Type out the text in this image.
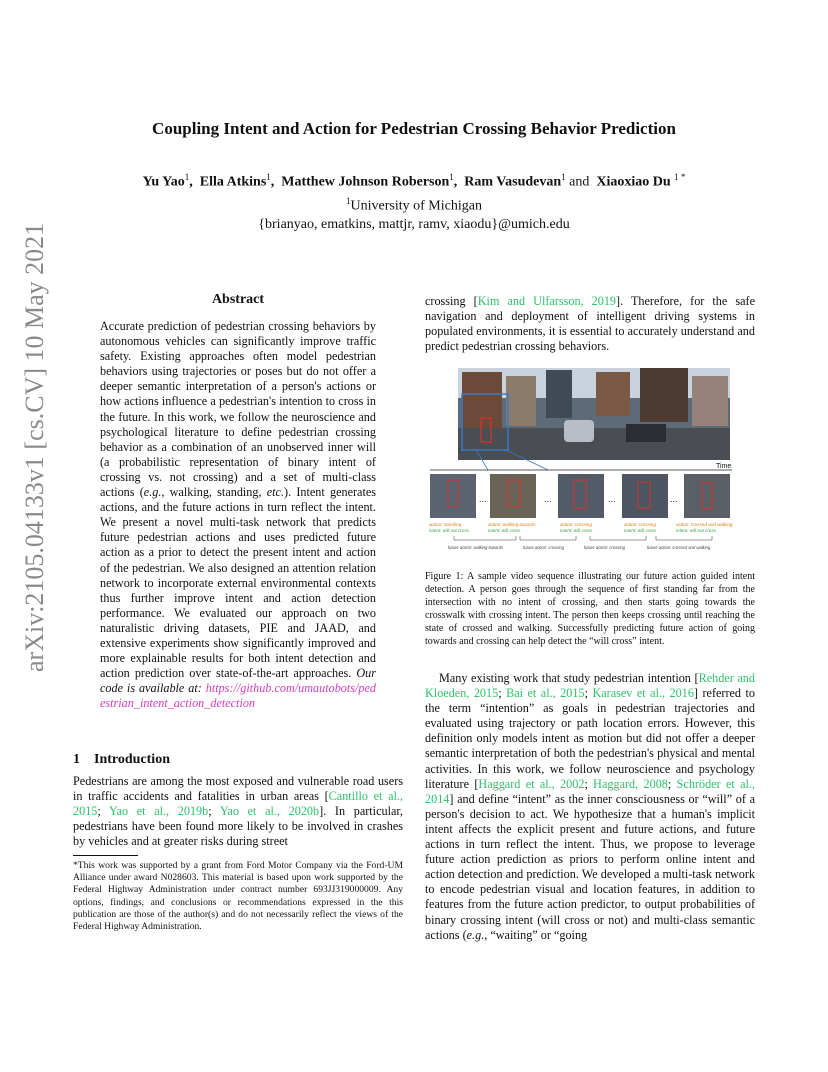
arXiv:2105.04133v1 [cs.CV] 10 May 2021
Coupling Intent and Action for Pedestrian Crossing Behavior Prediction
Yu Yao$^1$,  Ella Atkins$^1$,  Matthew Johnson Roberson$^1$,  Ram Vasudevan$^1$ and Xiaoxiao Du $^{1 *}$
$^1$University of Michigan
{brianyao, ematkins, mattjr, ramv, xiaodu}@umich.edu
Abstract
Accurate prediction of pedestrian crossing behaviors by autonomous vehicles can significantly improve traffic safety. Existing approaches often model pedestrian behaviors using trajectories or poses but do not offer a deeper semantic interpretation of a person's actions or how actions influence a pedestrian's intention to cross in the future. In this work, we follow the neuroscience and psychological literature to define pedestrian crossing behavior as a combination of an unobserved inner will (a probabilistic representation of binary intent of crossing vs. not crossing) and a set of multi-class actions (e.g., walking, standing, etc.). Intent generates actions, and the future actions in turn reflect the intent. We present a novel multi-task network that predicts future pedestrian actions and uses predicted future action as a prior to detect the present intent and action of the pedestrian. We also designed an attention relation network to incorporate external environmental contexts thus further improve intent and action detection performance. We evaluated our approach on two naturalistic driving datasets, PIE and JAAD, and extensive experiments show significantly improved and more explainable results for both intent detection and action prediction over state-of-the-art approaches. Our code is available at: https://github.com/umautobots/pedestrian_intent_action_detection
1 Introduction
Pedestrians are among the most exposed and vulnerable road users in traffic accidents and fatalities in urban areas [Cantillo et al., 2015; Yao et al., 2019b; Yao et al., 2020b]. In particular, pedestrians have been found more likely to be involved in crashes by vehicles and at greater risks during street
*This work was supported by a grant from Ford Motor Company via the Ford-UM Alliance under award N028603. This material is based upon work supported by the Federal Highway Administration under contract number 693JJ319000009. Any options, findings, and conclusions or recommendations expressed in the this publication are those of the author(s) and do not necessarily reflect the views of the Federal Highway Administration.
crossing [Kim and Ulfarsson, 2019]. Therefore, for the safe navigation and deployment of intelligent driving systems in populated environments, it is essential to accurately understand and predict pedestrian crossing behaviors.
Time
...	...	...	...
action: standing
intent: will not cross
action: walking towards
intent: will cross
action: crossing
intent: will cross
action: crossing
intent: will cross
action: crossed and walking
intent: will not cross
future action: walking towards	future action: crossing	future action: crossing	future action: crossed and walking
Figure 1: A sample video sequence illustrating our future action guided intent detection. A person goes through the sequence of first standing far from the intersection with no intent of crossing, and then starts going towards the crosswalk with crossing intent. The person then keeps crossing until reaching the state of crossed and walking. Successfully predicting future action of going towards and crossing can help detect the “will cross” intent.
Many existing work that study pedestrian intention [Rehder and Kloeden, 2015; Bai et al., 2015; Karasev et al., 2016] referred to the term “intention” as goals in pedestrian trajectories and evaluated using trajectory or path location errors. However, this definition only models intent as motion but did not offer a deeper semantic interpretation of both the pedestrian's physical and mental activities. In this work, we follow neuroscience and psychology literature [Haggard et al., 2002; Haggard, 2008; Schröder et al., 2014] and define “intent” as the inner consciousness or “will” of a person's decision to act. We hypothesize that a human's implicit intent affects the explicit present and future actions, and future actions in turn reflect the intent. Thus, we propose to leverage future action prediction as priors to perform online intent and action detection and prediction. We developed a multi-task network to encode pedestrian visual and location features, in addition to features from the future action predictor, to output probabilities of binary crossing intent (will cross or not) and multi-class semantic actions (e.g., “waiting” or “going
